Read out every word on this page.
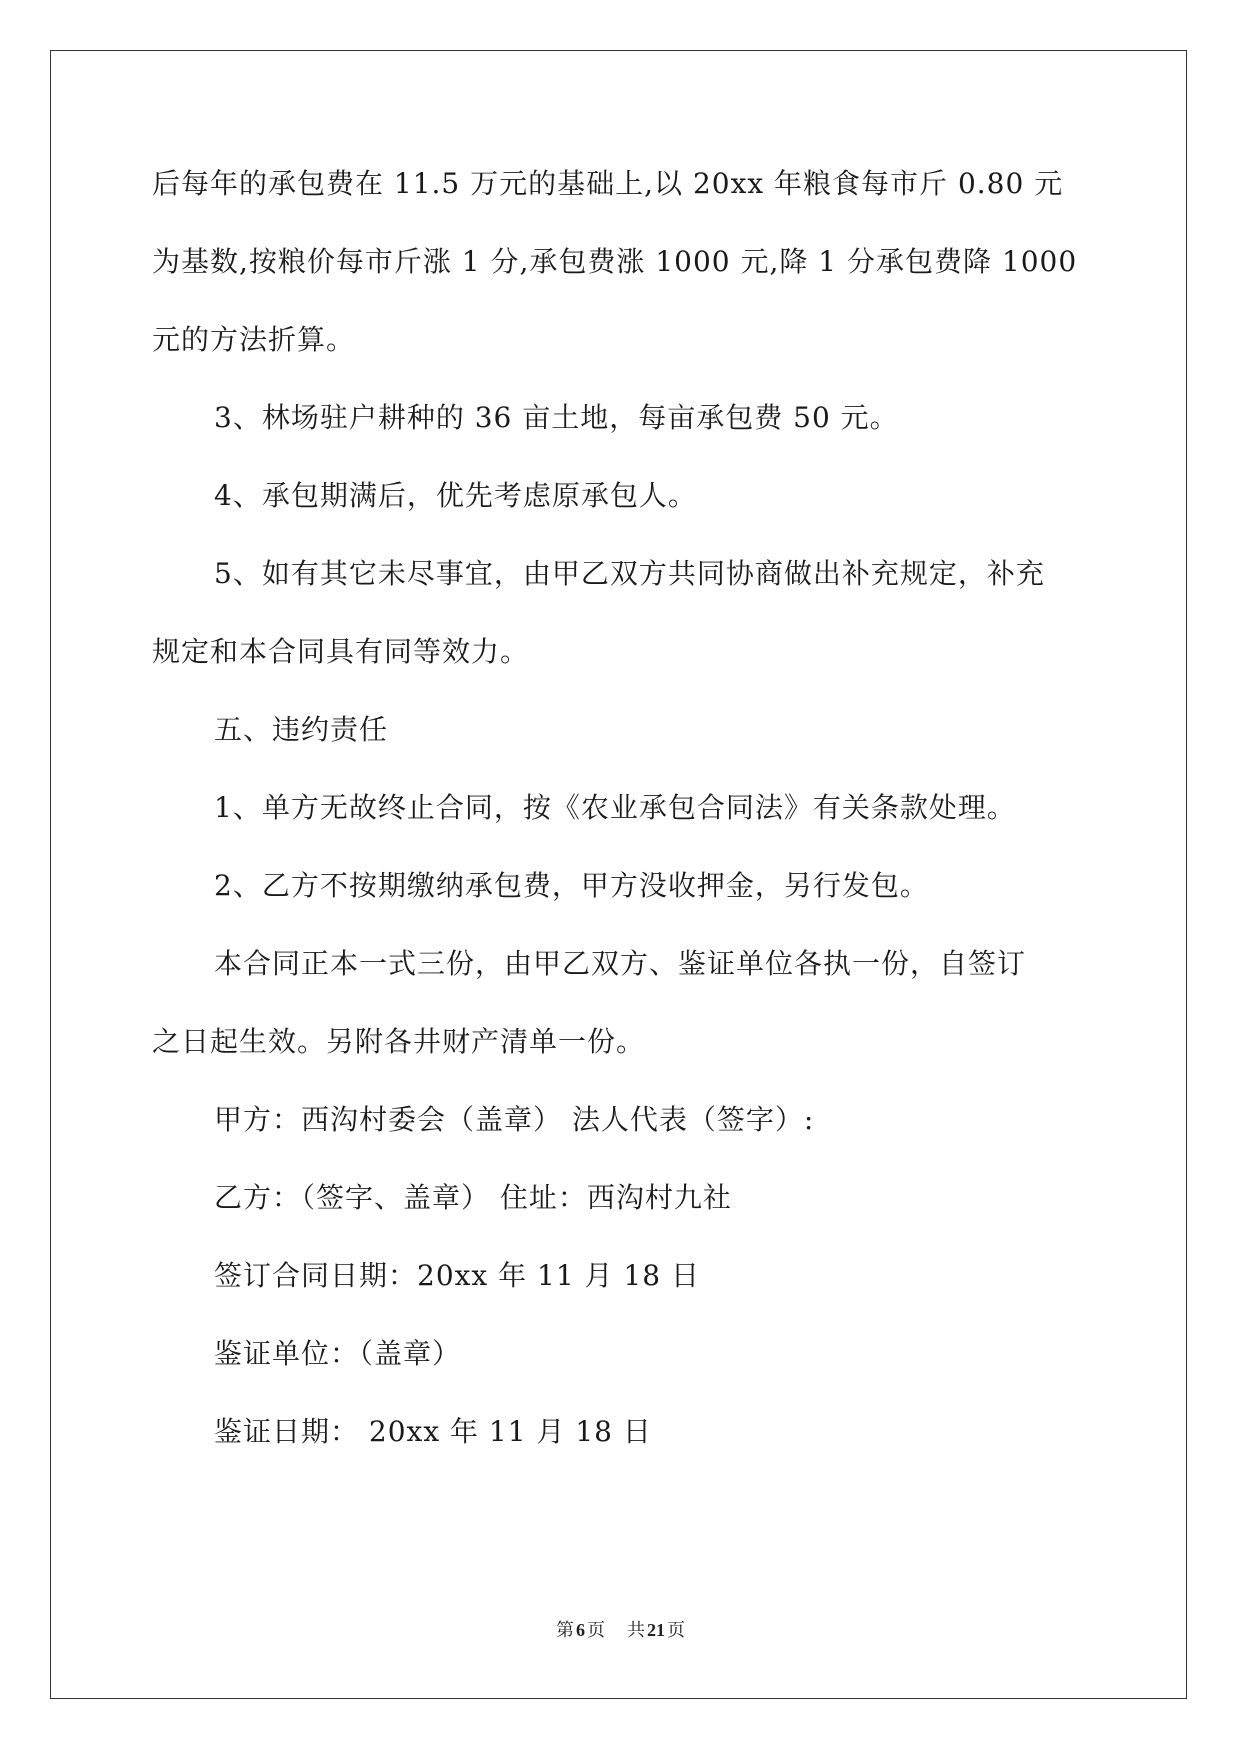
后每年的承包费在 11.5 万元的基础上,以 20xx 年粮食每市斤 0.80 元
为基数,按粮价每市斤涨 1 分,承包费涨 1000 元,降 1 分承包费降 1000
元的方法折算。
3、林场驻户耕种的 36 亩土地，每亩承包费 50 元。
4、承包期满后，优先考虑原承包人。
5、如有其它未尽事宜，由甲乙双方共同协商做出补充规定，补充
规定和本合同具有同等效力。
五、违约责任
1、单方无故终止合同，按《农业承包合同法》有关条款处理。
2、乙方不按期缴纳承包费，甲方没收押金，另行发包。
本合同正本一式三份，由甲乙双方、鉴证单位各执一份，自签订
之日起生效。另附各井财产清单一份。
甲方：西沟村委会（盖章） 法人代表（签字）:
乙方：（签字、盖章） 住址：西沟村九社
签订合同日期：20xx 年 11 月 18 日
鉴证单位：（盖章）
鉴证日期： 20xx 年 11 月 18 日
第 6 页 共 21 页
